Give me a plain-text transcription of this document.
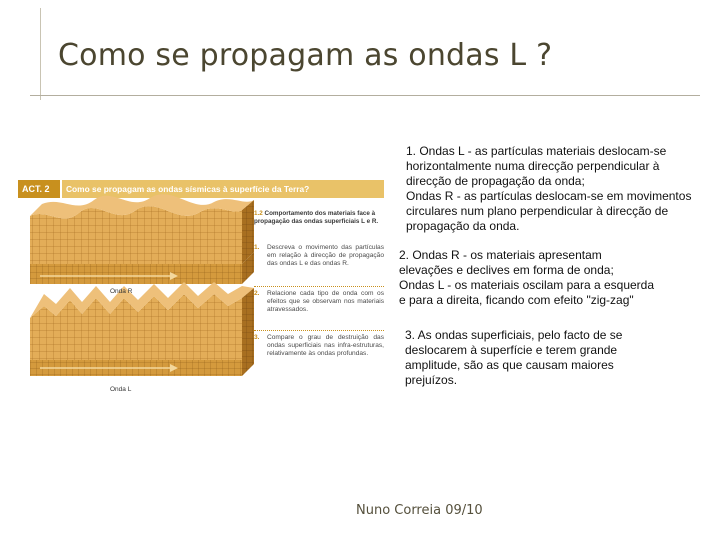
Como se propagam as ondas L ?
ACT. 2	Como se propagam as ondas sísmicas à superfície da Terra?
Onda R
Onda L
1.2 Comportamento dos materiais face à propagação das ondas superficiais L e R.
1. Descreva o movimento das partículas em relação à direcção de propagação das ondas L e das ondas R.
2. Relacione cada tipo de onda com os efeitos que se observam nos materiais atravessados.
3. Compare o grau de destruição das ondas superficiais nas infra-estruturas, relativamente às ondas profundas.
1. Ondas L - as partículas materiais deslocam-se
horizontalmente numa direcção perpendicular à
direcção de propagação da onda;
Ondas R - as partículas deslocam-se em movimentos
circulares num plano perpendicular à direcção de
propagação da onda.
2. Ondas R - os materiais apresentam
elevações e declives em forma de onda;
Ondas L - os materiais oscilam para a esquerda
e para a direita, ficando com efeito "zig-zag"
3. As ondas superficiais, pelo facto de se
deslocarem à superfície e terem grande
amplitude, são as que causam maiores
prejuízos.
Nuno Correia 09/10
